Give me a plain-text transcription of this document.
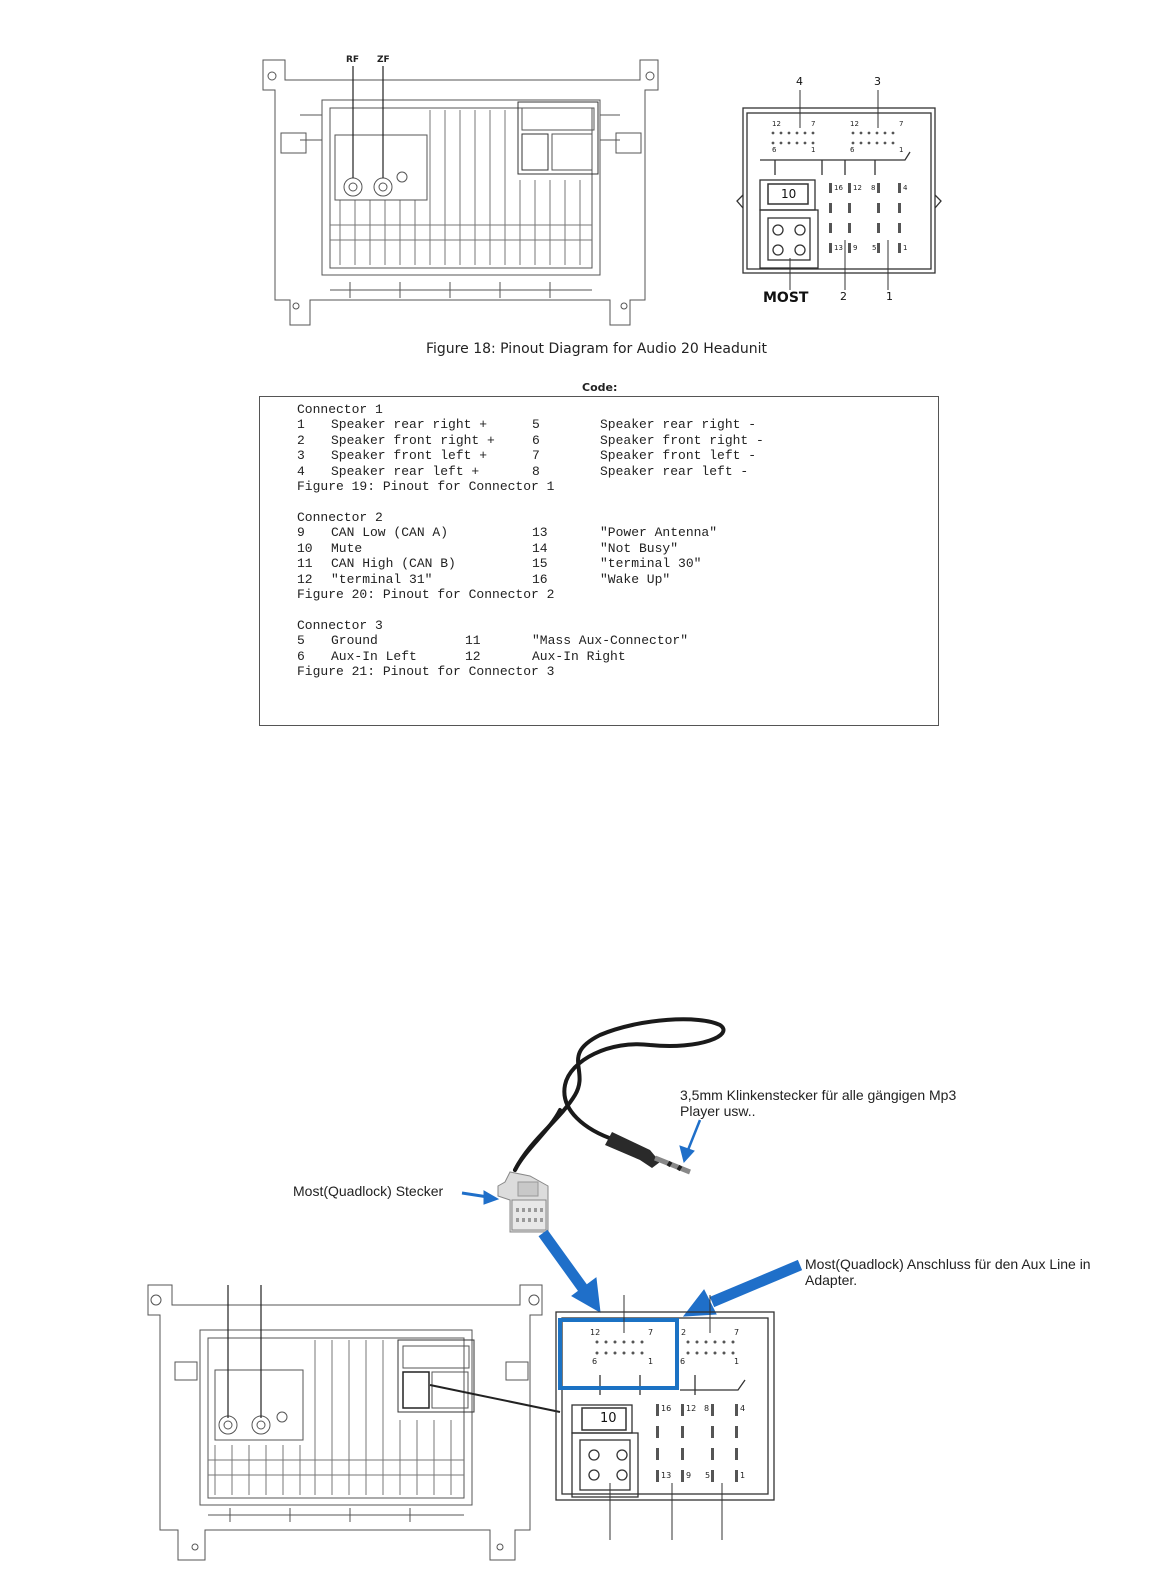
RF ZF
4	3
2	1
MOST
12	7
6	1
12	7
6	1
10	16 12 8	4
13 9 5	1
Figure 18: Pinout Diagram for Audio 20 Headunit
Code:
Connector 1
1 Speaker rear right +	5	Speaker rear right -
2 Speaker front right +	6	Speaker front right -
3 Speaker front left +	7	Speaker front left -
4 Speaker rear left +	8	Speaker rear left -
Figure 19: Pinout for Connector 1
Connector 2
9 CAN Low (CAN A)	13	"Power Antenna"
10 Mute	14	"Not Busy"
11 CAN High (CAN B)	15	"terminal 30"
12 "terminal 31"	16	"Wake Up"
Figure 20: Pinout for Connector 2
Connector 3
5 Ground	11	"Mass Aux-Connector"
6 Aux-In Left	12	Aux-In Right
Figure 21: Pinout for Connector 3
3,5mm Klinkenstecker für alle gängigen Mp3 Player usw..
Most(Quadlock) Stecker
Most(Quadlock) Anschluss für den Aux Line in Adapter.
12	7
6	1
2	7
6	1
10
16 12 8	4
13 9 5	1
